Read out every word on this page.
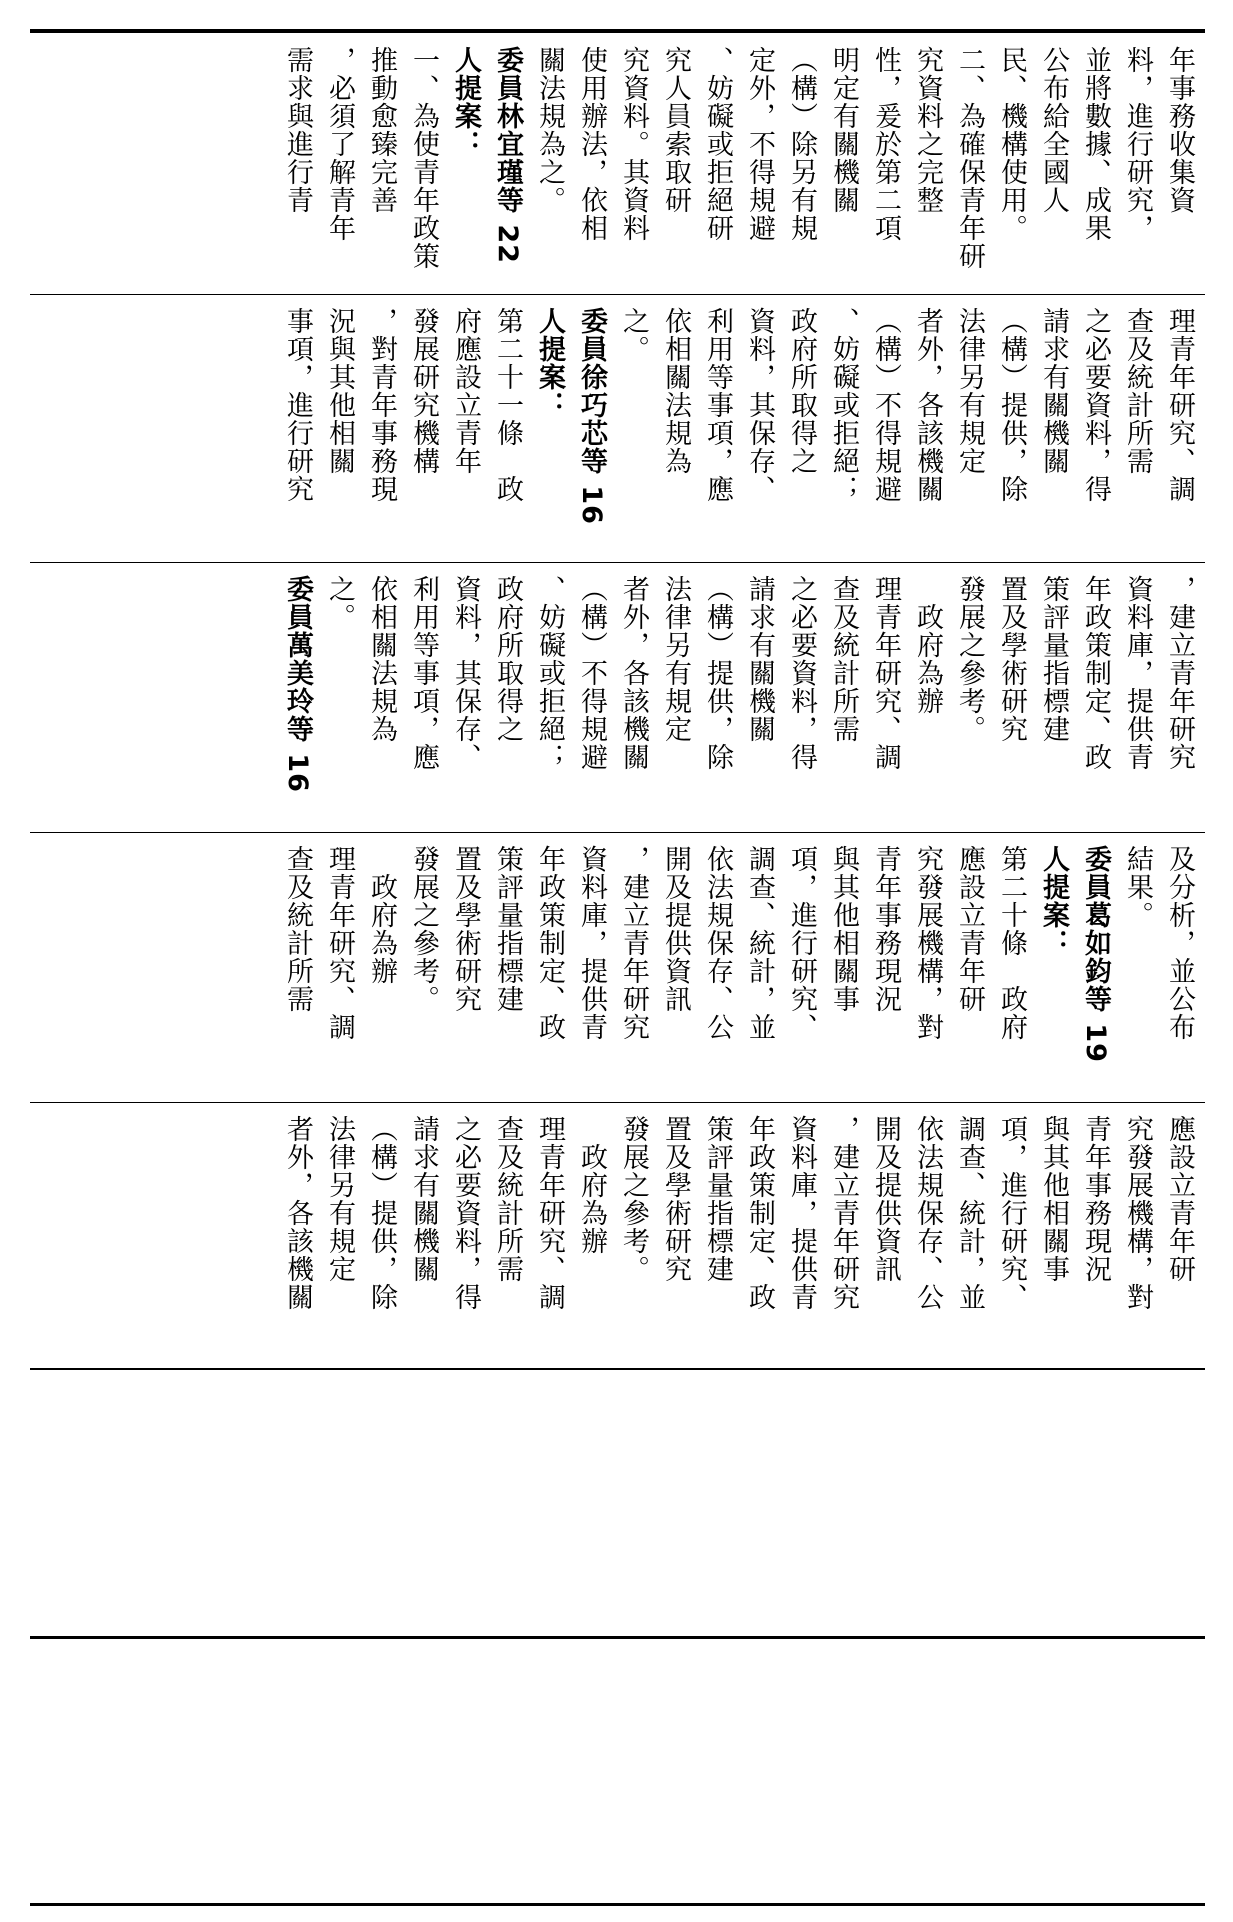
年事務收集資
料，進行研究，
並將數據、成果
公布給全國人
民、機構使用。
二、為確保青年研
究資料之完整
性，爰於第二項
明定有關機關
（構）除另有規
定外，不得規避
、妨礙或拒絕研
究人員索取研
究資料。其資料
使用辦法，依相
關法規為之。
委員林宜瑾等 22
人提案：
一、為使青年政策
推動愈臻完善
，必須了解青年
需求與進行青
理青年研究、調
查及統計所需
之必要資料，得
請求有關機關
（構）提供，除
法律另有規定
者外，各該機關
（構）不得規避
、妨礙或拒絕；
政府所取得之
資料，其保存、
利用等事項，應
依相關法規為
之。
委員徐巧芯等 16
人提案：
第二十一條　政
府應設立青年
發展研究機構
，對青年事務現
況與其他相關
事項，進行研究
，建立青年研究
資料庫，提供青
年政策制定、政
策評量指標建
置及學術研究
發展之參考。
　政府為辦
理青年研究、調
查及統計所需
之必要資料，得
請求有關機關
（構）提供，除
法律另有規定
者外，各該機關
（構）不得規避
、妨礙或拒絕；
政府所取得之
資料，其保存、
利用等事項，應
依相關法規為
之。
委員萬美玲等 16
及分析，並公布
結果。
委員葛如鈞等 19
人提案：
第二十條　政府
應設立青年研
究發展機構，對
青年事務現況
與其他相關事
項，進行研究、
調查、統計，並
依法規保存、公
開及提供資訊
，建立青年研究
資料庫，提供青
年政策制定、政
策評量指標建
置及學術研究
發展之參考。
　政府為辦
理青年研究、調
查及統計所需
應設立青年研
究發展機構，對
青年事務現況
與其他相關事
項，進行研究、
調查、統計，並
依法規保存、公
開及提供資訊
，建立青年研究
資料庫，提供青
年政策制定、政
策評量指標建
置及學術研究
發展之參考。
　政府為辦
理青年研究、調
查及統計所需
之必要資料，得
請求有關機關
（構）提供，除
法律另有規定
者外，各該機關
